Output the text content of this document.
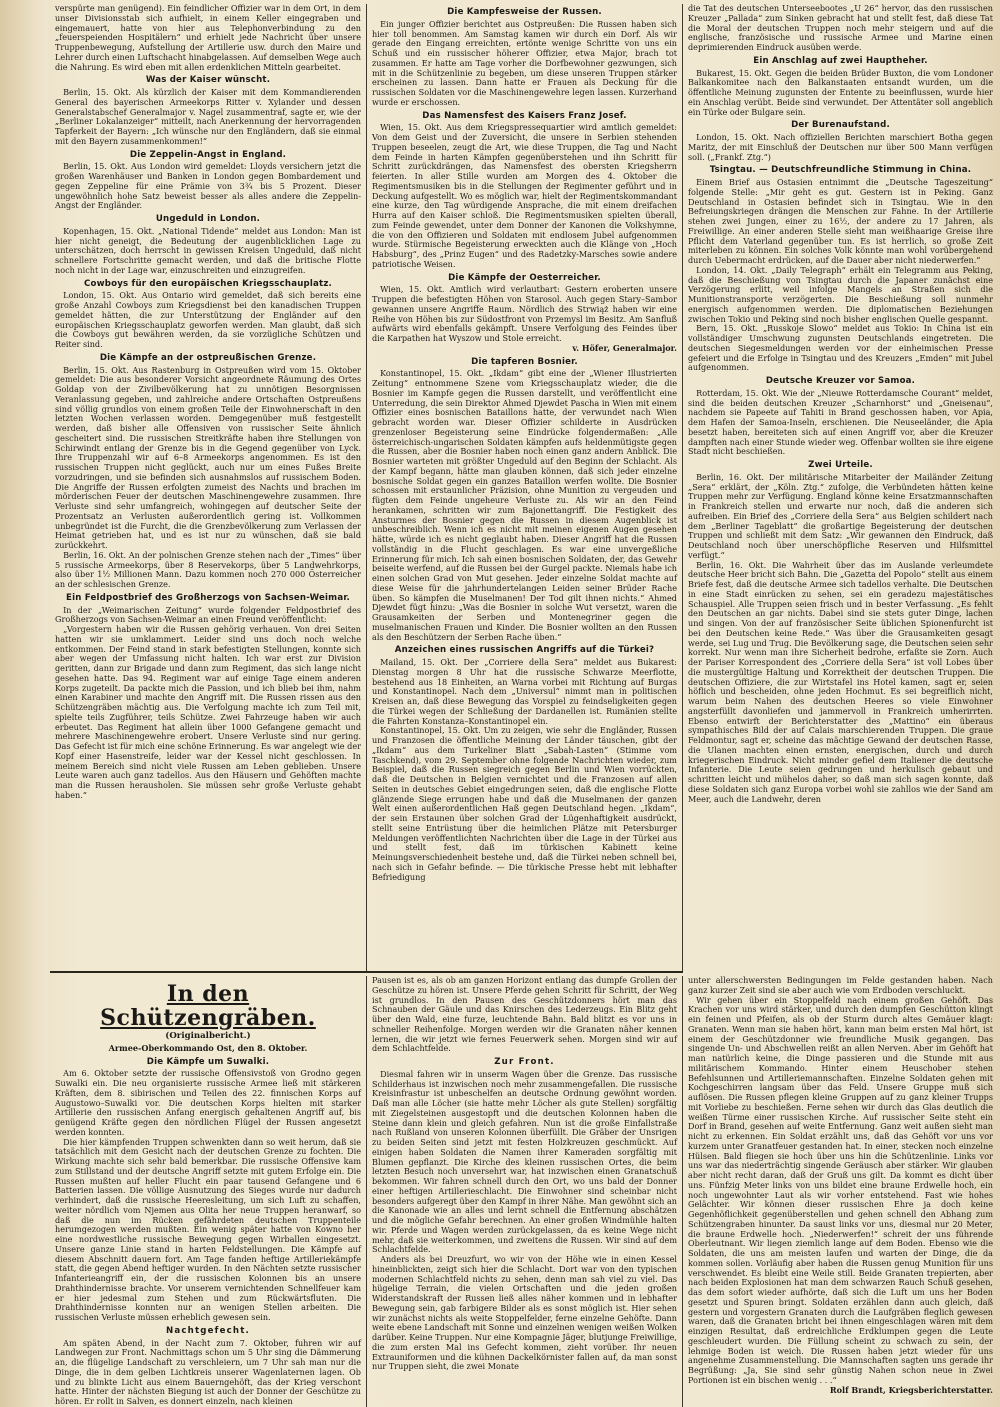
verspürte man genügend). Ein feindlicher Offizier war in dem Ort, in dem unser Divisionsstab sich aufhielt, in einem Keller eingegraben und eingemauert, hatte von hier aus Telephonverbindung zu den „feuerspeienden Hospitälern“ und erhielt jede Nachricht über unsere Truppenbewegung, Aufstellung der Artillerie usw. durch den Maire und Lehrer durch einen Luftschacht hinabgelassen. Auf demselben Wege auch die Nahrung. Es wird eben mit allen erdenklichen Mitteln gearbeitet.

Was der Kaiser wünscht.

Berlin, 15. Okt. Als kürzlich der Kaiser mit dem Kommandierenden General des bayerischen Armeekorps Ritter v. Xylander und dessen Generalstabschef Generalmajor v. Nagel zusammentraf, sagte er, wie der „Berliner Lokalanzeiger“ mitteilt, nach Anerkennung der hervorragenden Tapferkeit der Bayern: „Ich wünsche nur den Engländern, daß sie einmal mit den Bayern zusammenkommen!“

Die Zeppelin-Angst in England.

Berlin, 15. Okt. Aus London wird gemeldet: Lloyds versichern jetzt die großen Warenhäuser und Banken in London gegen Bombardement und gegen Zeppeline für eine Prämie von 3¾ bis 5 Prozent. Dieser ungewöhnlich hohe Satz beweist besser als alles andere die Zeppelin-Angst der Engländer.

Ungeduld in London.

Kopenhagen, 15. Okt. „National Tidende“ meldet aus London: Man ist hier nicht geneigt, die Bedeutung der augenblicklichen Lage zu unterschätzen, doch herrscht in gewissen Kreisen Ungeduld, daß nicht schnellere Fortschritte gemacht werden, und daß die britische Flotte noch nicht in der Lage war, einzuschreiten und einzugreifen.

Cowboys für den europäischen Kriegsschauplatz.

London, 15. Okt. Aus Ontario wird gemeldet, daß sich bereits eine große Anzahl Cowboys zum Kriegsdienst bei den kanadischen Truppen gemeldet hätten, die zur Unterstützung der Engländer auf den europäischen Kriegsschauplatz geworfen werden. Man glaubt, daß sich die Cowboys gut bewähren werden, da sie vorzügliche Schützen und Reiter sind.

Die Kämpfe an der ostpreußischen Grenze.

Berlin, 15. Okt. Aus Rastenburg in Ostpreußen wird vom 15. Oktober gemeldet: Die aus besonderer Vorsicht angeordnete Räumung des Ortes Goldap von der Zivilbevölkerung hat zu unnötigen Besorgnissen Veranlassung gegeben, und zahlreiche andere Ortschaften Ostpreußens sind völlig grundlos von einem großen Teile der Einwohnerschaft in den letzten Wochen verlassen worden. Demgegenüber muß festgestellt werden, daß bisher alle Offensiven von russischer Seite ähnlich gescheitert sind. Die russischen Streitkräfte haben ihre Stellungen von Schirwindt entlang der Grenze bis in die Gegend gegenüber von Lyck. Ihre Truppenzahl wir auf 6–8 Armeekorps angenommen. Es ist den russischen Truppen nicht geglückt, auch nur um eines Fußes Breite vorzudringen, und sie befinden sich ausnahmslos auf russischem Boden. Die Angriffe der Russen erfolgten zumeist des Nachts und brachen im mörderischen Feuer der deutschen Maschinengewehre zusammen. Ihre Verluste sind sehr umfangreich, wohingegen auf deutscher Seite der Prozentsatz an Verlusten außerordentlich gering ist. Vollkommen unbegründet ist die Furcht, die die Grenzbevölkerung zum Verlassen der Heimat getrieben hat, und es ist nur zu wünschen, daß sie bald zurückkehrt.

Berlin, 16. Okt. An der polnischen Grenze stehen nach der „Times“ über 5 russische Armeekorps, über 8 Reservekorps, über 5 Landwehrkorps, also über 1½ Millionen Mann. Dazu kommen noch 270 000 Österreicher an der schlesischen Grenze.

Ein Feldpostbrief des Großherzogs von Sachsen-Weimar.

In der „Weimarischen Zeitung“ wurde folgender Feldpostbrief des Großherzogs von Sachsen-Weimar an einen Freund veröffentlicht:

„Vorgestern haben wir die Russen gehörig verhauen. Von drei Seiten hatten wir sie umklammert. Leider sind uns doch noch welche entkommen. Der Feind stand in stark befestigten Stellungen, konnte sich aber wegen der Umfassung nicht halten. Ich war erst zur Division geritten, dann zur Brigade und dann zum Regiment, das sich lange nicht gesehen hatte. Das 94. Regiment war auf einige Tage einem anderen Korps zugeteilt. Da packte mich die Passion, und ich blieb bei ihm, nahm einen Karabiner und machte den Angriff mit. Die Russen rissen aus den Schützengräben mächtig aus. Die Verfolgung machte ich zum Teil mit, spielte teils Zugführer, teils Schütze. Zwei Fahrzeuge haben wir auch erbeutet. Das Regiment hat allein über 1000 Gefangene gemacht und mehrere Maschinengewehre erobert. Unsere Verluste sind nur gering. Das Gefecht ist für mich eine schöne Erinnerung. Es war angelegt wie der Kopf einer Hasenstreife, leider war der Kessel nicht geschlossen. In meinem Bereich sind nicht viele Russen am Leben geblieben. Unsere Leute waren auch ganz tadellos. Aus den Häusern und Gehöften machte man die Russen herausholen. Sie müssen sehr große Verluste gehabt haben.“

Die Kampfesweise der Russen.

Ein junger Offizier berichtet aus Ostpreußen: Die Russen haben sich hier toll benommen. Am Samstag kamen wir durch ein Dorf. Als wir gerade den Eingang erreichten, ertönte wenige Schritte von uns ein Schuß und ein russischer höherer Offizier, etwa Major, brach tot zusammen. Er hatte am Tage vorher die Dorfbewohner gezwungen, sich mit in die Schützenlinie zu begeben, um diese unseren Truppen stärker erscheinen zu lassen. Dann hatte er Frauen als Deckung für die russischen Soldaten vor die Maschinengewehre legen lassen. Kurzerhand wurde er erschossen.

Das Namensfest des Kaisers Franz Josef.

Wien, 15. Okt. Aus dem Kriegspressequartier wird amtlich gemeldet: Von dem Geist und der Zuversicht, die unsere in Serbien stehenden Truppen beseelen, zeugt die Art, wie diese Truppen, die Tag und Nacht dem Feinde in harten Kämpfen gegenüberstehen und ihn Schritt für Schritt zurückdrängen, das Namensfest des obersten Kriegsherrn feierten. In aller Stille wurden am Morgen des 4. Oktober die Regimentsmusiken bis in die Stellungen der Regimenter geführt und in Deckung aufgestellt. Wo es möglich war, hielt der Regimentskommandant eine kurze, den Tag würdigende Ansprache, die mit einem dreifachen Hurra auf den Kaiser schloß. Die Regimentsmusiken spielten überall, zum Feinde gewendet, unter dem Donner der Kanonen die Volkshymne, die von den Offizieren und Soldaten mit endlosem Jubel aufgenommen wurde. Stürmische Begeisterung erweckten auch die Klänge von „Hoch Habsburg“, des „Prinz Eugen“ und des Radetzky-Marsches sowie andere patriotische Weisen.

Die Kämpfe der Oesterreicher.

Wien, 15. Okt. Amtlich wird verlautbart: Gestern eroberten unsere Truppen die befestigten Höhen von Starosol. Auch gegen Stary–Sambor gewannen unsere Angriffe Raum. Nördlich des Strwiąż haben wir eine Reihe von Höhen bis zur Südostfront von Przemysl im Besitz. Am Sanfluß aufwärts wird ebenfalls gekämpft. Unsere Verfolgung des Feindes über die Karpathen hat Wyszow und Stole erreicht.

v. Höfer, Generalmajor.

Die tapferen Bosnier.

Konstantinopel, 15. Okt. „Ikdam“ gibt eine der „Wiener Illustrierten Zeitung“ entnommene Szene vom Kriegsschauplatz wieder, die die Bosnier im Kampfe gegen die Russen darstellt, und veröffentlicht eine Unterredung, die sein Direktor Ahmed Djewdet Pascha in Wien mit einem Offizier eines bosnischen Bataillons hatte, der verwundet nach Wien gebracht worden war. Dieser Offizier schilderte in Ausdrücken grenzenloser Begeisterung seine Eindrücke folgendermaßen: „Alle österreichisch-ungarischen Soldaten kämpfen aufs heldenmütigste gegen die Russen, aber die Bosnier haben noch einen ganz andern Anblick. Die Bosnier warteten mit größter Ungeduld auf den Beginn der Schlacht. Als der Kampf begann, hätte man glauben können, daß sich jeder einzelne bosnische Soldat gegen ein ganzes Bataillon werfen wollte. Die Bosnier schossen mit erstaunlicher Präzision, ohne Munition zu vergeuden und fügten dem Feinde ungeheure Verluste zu. Als wir an den Feind herankamen, schritten wir zum Bajonettangriff. Die Festigkeit des Ansturmes der Bosnier gegen die Russen in diesem Augenblick ist unbeschreiblich. Wenn ich es nicht mit meinen eigenen Augen gesehen hätte, würde ich es nicht geglaubt haben. Dieser Angriff hat die Russen vollständig in die Flucht geschlagen. Es war eine unvergeßliche Erinnerung für mich. Ich sah einen bosnischen Soldaten, der, das Gewehr beiseite werfend, auf die Russen bei der Gurgel packte. Niemals habe ich einen solchen Grad von Mut gesehen. Jeder einzelne Soldat machte auf diese Weise für die jahrhundertelangen Leiden seiner Brüder Rache üben. So kämpfen die Muselmanen! Der Tod gilt ihnen nichts.“ Ahmed Djewdet fügt hinzu: „Was die Bosnier in solche Wut versetzt, waren die Grausamkeiten der Serben und Montenegriner gegen die muselmanischen Frauen und Kinder. Die Bosnier wollten an den Russen als den Beschützern der Serben Rache üben.“

Anzeichen eines russischen Angriffs auf die Türkei?

Mailand, 15. Okt. Der „Corriere della Sera“ meldet aus Bukarest: Dienstag morgen 8 Uhr hat die russische Schwarze Meerflotte, bestehend aus 18 Einheiten, an Warna vorbei mit Richtung auf Burgas und Konstantinopel. Nach dem „Universul“ nimmt man in politischen Kreisen an, daß diese Bewegung das Vorspiel zu feindseligkeiten gegen die Türkei wegen der Schließung der Dardanellen ist. Rumänien stellte die Fahrten Konstanza–Konstantinopel ein.

Konstantinopel, 15. Okt. Um zu zeigen, wie sehr die Engländer, Russen und Franzosen die öffentliche Meinung der Länder täuschen, gibt der „Ikdam“ aus dem Turkeliner Blatt „Sabah-Lasten“ (Stimme vom Taschkend), vom 29. September ohne folgende Nachrichten wieder, zum Beispiel, daß die Russen siegreich gegen Berlin und Wien vorrückten, daß die Deutschen in Belgien vernichtet und die Franzosen auf allen Seiten in deutsches Gebiet eingedrungen seien, daß die englische Flotte glänzende Siege errungen habe und daß die Muselmanen der ganzen Welt einen außerordentlichen Haß gegen Deutschland hegen. „Ikdam“, der sein Erstaunen über solchen Grad der Lügenhaftigkeit ausdrückt, stellt seine Entrüstung über die heimlichen Plätze mit Petersburger Meldungen veröffentlichten Nachrichten über die Lage in der Türkei aus und stellt fest, daß im türkischen Kabinett keine Meinungsverschiedenheit bestehe und, daß die Türkei neben schnell bei, nach sich in Gefahr befinde. — Die türkische Presse hebt mit lebhafter Befriedigung

die Tat des deutschen Unterseebootes „U 26“ hervor, das den russischen Kreuzer „Pallada“ zum Sinken gebracht hat und stellt fest, daß diese Tat die Moral der deutschen Truppen noch mehr steigern und auf die englische, französische und russische Armee und Marine einen deprimierenden Eindruck ausüben werde.

Ein Anschlag auf zwei Hauptheher.

Bukarest, 15. Okt. Gegen die beiden Brüder Buxton, die vom Londoner Balkankomitee nach den Balkanstaaten entsandt wurden, um die öffentliche Meinung zugunsten der Entente zu beeinflussen, wurde hier ein Anschlag verübt. Beide sind verwundet. Der Attentäter soll angeblich ein Türke oder Bulgare sein.

Der Burenaufstand.

London, 15. Okt. Nach offiziellen Berichten marschiert Botha gegen Maritz, der mit Einschluß der Deutschen nur über 500 Mann verfügen soll. („Frankf. Ztg.“)

Tsingtau. — Deutschfreundliche Stimmung in China.

Einem Brief aus Ostasien entnimmt die „Deutsche Tageszeitung“ folgende Stelle: „Mir geht es gut. Gestern ist in Peking. Ganz Deutschland in Ostasien befindet sich in Tsingtau. Wie in den Befreiungskriegen drängen die Menschen zur Fahne. In der Artillerie stehen zwei Jungen, einer zu 16½, der andere zu 17 Jahren, als Freiwillige. An einer anderen Stelle sieht man weißhaarige Greise ihre Pflicht dem Vaterland gegenüber tun. Es ist herrlich, so große Zeit miterleben zu können. Ein solches Volk könnte man wohl vorübergehend durch Uebermacht erdrücken, auf die Dauer aber nicht niederwerfen.“

London, 14. Okt. „Daily Telegraph“ erhält ein Telegramm aus Peking, daß die Beschießung von Tsingtau durch die Japaner zunächst eine Verzögerung erlitt, weil infolge Mangels an Straßen sich die Munitionstransporte verzögerten. Die Beschießung soll nunmehr energisch aufgenommen werden. Die diplomatischen Beziehungen zwischen Tokio und Peking sind noch bisher englischen Quelle gespannt.

Bern, 15. Okt. „Russkoje Slowo“ meldet aus Tokio: In China ist ein vollständiger Umschwung zugunsten Deutschlands eingetreten. Die deutschen Siegesmeldungen werden vor der einheimischen Presse gefeiert und die Erfolge in Tsingtau und des Kreuzers „Emden“ mit Jubel aufgenommen.

Deutsche Kreuzer vor Samoa.

Rotterdam, 15. Okt. Wie der „Nieuwe Rotterdamsche Courant“ meldet, sind die beiden deutschen Kreuzer „Scharnhorst“ und „Gneisenau“, nachdem sie Papeete auf Tahiti in Brand geschossen haben, vor Apia, dem Hafen der Samoa-Inseln, erschienen. Die Neuseeländer, die Apia besetzt haben, bereiteten sich auf einen Angriff vor, aber die Kreuzer dampften nach einer Stunde wieder weg. Offenbar wollten sie ihre eigene Stadt nicht beschießen.

Zwei Urteile.

Berlin, 16. Okt. Der militärische Mitarbeiter der Mailänder Zeitung „Sera“ erklärt, der „Köln. Ztg.“ zufolge, die Verbündeten hätten keine Truppen mehr zur Verfügung. England könne keine Ersatzmannschaften in Frankreich stellen und erwarte nur noch, daß die anderen sich aufreiben. Ein Brief des „Corriere della Sera“ aus Belgien schildert nach dem „Berliner Tageblatt“ die großartige Begeisterung der deutschen Truppen und schließt mit dem Satz: „Wir gewannen den Eindruck, daß Deutschland noch über unerschöpfliche Reserven und Hilfsmittel verfügt.“

Berlin, 16. Okt. Die Wahrheit über das im Auslande verleumdete deutsche Heer bricht sich Bahn. Die „Gazetta del Popolo“ stellt aus einem Briefe fest, daß die deutsche Armee sich tadellos verhalte. Die Deutschen in eine Stadt einrücken zu sehen, sei ein geradezu majestätisches Schauspiel. Alle Truppen seien frisch und in bester Verfassung. „Es fehlt den Deutschen an gar nichts. Dabei sind sie stets guter Dinge, lachen und singen. Von der auf französischer Seite üblichen Spionenfurcht ist bei den Deutschen keine Rede.“ Was über die Grausamkeiten gesagt werde, sei Lug und Trug. Die Bevölkerung sage, die Deutschen seien sehr korrekt. Nur wenn man ihre Sicherheit bedrohe, erfaßte sie Zorn. Auch der Pariser Korrespondent des „Corriere della Sera“ ist voll Lobes über die mustergültige Haltung und Korrektheit der deutschen Truppen. Die deutschen Offiziere, die zur Wirtstafel ins Hotel kamen, sagt er, seien höflich und bescheiden, ohne jeden Hochmut. Es sei begreiflich nicht, warum beim Nahen des deutschen Heeres so viele Einwohner angsterfüllt davonliefen und jammervoll in Frankreich umherirrten. Ebenso entwirft der Berichterstatter des „Mattino“ ein überaus sympathisches Bild der auf Calais marschierenden Truppen. Die graue Feldmontur, sagt er, scheine das mächtige Gewand der deutschen Rasse, die Ulanen machten einen ernsten, energischen, durch und durch kriegerischen Eindruck. Nicht minder gefiel dem Italiener die deutsche Infanterie. Die Leute seien gedrungen und herkulisch gebaut und schritten leicht und mühelos daher, so daß man sich sagen konnte, daß diese Soldaten sich ganz Europa vorbei wohl sie zahllos wie der Sand am Meer, auch die Landwehr, deren

In den Schützengräben.
(Originalbericht.)
Armee-Oberkommando Ost, den 8. Oktober.
Die Kämpfe um Suwalki.

Am 6. Oktober setzte der russische Offensivstoß von Grodno gegen Suwalki ein. Die neu organisierte russische Armee ließ mit stärkeren Kräften, dem 8. sibirischen und Teilen des 22. finnischen Korps auf Augustowo–Suwalki vor. Die deutschen Korps hielten mit starker Artillerie den russischen Anfang energisch gehaltenen Angriff auf, bis genügend Kräfte gegen den nördlichen Flügel der Russen angesetzt werden konnten.

Die hier kämpfenden Truppen schwenkten dann so weit herum, daß sie tatsächlich mit dem Gesicht nach der deutschen Grenze zu fochten. Die Wirkung machte sich sehr bald bemerkbar. Die russische Offensive kam zum Stillstand und der deutsche Angriff setzte mit gutem Erfolge ein. Die Russen mußten auf heller Flucht ein paar tausend Gefangene und 6 Batterien lassen. Die völlige Ausnutzung des Sieges wurde nur dadurch verhindert, daß die russische Heeresleitung, um sich Luft zu schaffen, weiter nördlich vom Njemen aus Olita her neue Truppen heranwarf, so daß die nun im Rücken gefährdeten deutschen Truppenteile herumgezogen werden mußten. Ein wenig später hatte von Kowno her eine nordwestliche russische Bewegung gegen Wirballen eingesetzt. Unsere ganze Linie stand in harten Feldstellungen. Die Kämpfe auf diesem Abschnitt dauern fort. Am Tage fanden heftige Artilleriekämpfe statt, die gegen Abend heftiger wurden. In den Nächten setzte russischer Infanterieangriff ein, der die russischen Kolonnen bis an unsere Drahthindernisse brachte. Vor unserem vernichtenden Schnellfeuer kam er hier jedesmal zum Stehen und zum Rückwärtsfluten. Die Drahthindernisse konnten nur an wenigen Stellen arbeiten. Die russischen Verluste müssen erheblich gewesen sein.

Nachtgefecht.

Am späten Abend, in der Nacht zum 7. Oktober, fuhren wir auf Landwegen zur Front. Nachmittags schon um 5 Uhr sing die Dämmerung an, die flügelige Landschaft zu verschleiern, um 7 Uhr sah man nur die Dinge, die in dem gelben Lichtkreis unserer Wagenlaternen lagen. Ob und zu blinkte Licht aus einem Bauerngehöft, das der Krieg verschont hatte. Hinter der nächsten Biegung ist auch der Donner der Geschütze zu hören. Er rollt in Salven, es donnert einzeln, nach kleinen

Pausen ist es, als ob am ganzen Horizont entlang das dumpfe Grollen der Geschütze zu hören ist. Unsere Pferde gehen Schritt für Schritt, der Weg ist grundlos. In den Pausen des Geschützdonners hört man das Schnauben der Gäule und das Knirschen des Lederzeugs. Ein Blitz geht über den Wald, eine furze, leuchtende Bahn. Bald blitzt es vor uns in schneller Reihenfolge. Morgen werden wir die Granaten näher kennen lernen, die wir jetzt wie fernes Feuerwerk sehen. Morgen sind wir auf dem Schlachtfelde.

Zur Front.

Diesmal fahren wir in unserm Wagen über die Grenze. Das russische Schilderhaus ist inzwischen noch mehr zusammengefallen. Die russische Kreisinfrastur ist unbeschelfen an deutsche Ordnung gewöhnt worden. Daß man alle Löcher (sie hatte mehr Löcher als gute Stellen) sorgfältig mit Ziegelsteinen ausgestopft und die deutschen Kolonnen haben die Steine dann klein und gleich gefahren. Nun ist die große Einfallstraße nach Rußland von unseren Kolonnen überfüllt. Die Gräber der Unsrigen zu beiden Seiten sind jetzt mit festen Holzkreuzen geschmückt. Auf einigen haben Soldaten die Namen ihrer Kameraden sorgfältig mit Blumen gepflanzt. Die Kirche des kleinen russischen Ortes, die beim letzten Besuch noch unversehrt war, hat inzwischen einen Granatschuß bekommen. Wir fahren schnell durch den Ort, wo uns bald der Donner einer heftigen Artillerieschlacht. Die Einwohner sind scheinbar nicht besonders aufgeregt über den Kampf in ihrer Nähe. Man gewöhnt sich an die Kanonade wie an alles und lernt schnell die Entfernung abschätzen und die mögliche Gefahr berechnen. An einer großen Windmühle halten wir. Pferde und Wagen werden zurückgelassen, da es keine Wege nicht mehr, daß sie weiterkommen, und zweitens die Russen. Wir sind auf dem Schlachtfelde.

Anders als bei Dreuzfurt, wo wir von der Höhe wie in einen Kessel hineinblickten, zeigt sich hier die Schlacht. Dort war von den typischen modernen Schlachtfeld nichts zu sehen, denn man sah viel zu viel. Das hügelige Terrain, die vielen Ortschaften und die jeden großen Widerstandskraft der Russen ließ alles näher kommen und in lebhafter Bewegung sein, gab farbigere Bilder als es sonst möglich ist. Hier sehen wir zunächst nichts als weite Stoppelfelder, ferne einzelne Gehöfte. Dann weite ebene Landschaft mit Sonne und einzelnen wenigen weißen Wolken darüber. Keine Truppen. Nur eine Kompagnie Jäger, blutjunge Freiwillige, die zum ersten Mal ins Gefecht kommen, zieht vorüber. Ihr neuen Extrauniformen und die kühnen Dackelkörnister fallen auf, da man sonst nur Truppen sieht, die zwei Monate

unter allerschwersten Bedingungen im Felde gestanden haben. Nach ganz kurzer Zeit sind sie aber auch wie vom Erdboden verschluckt.

Wir gehen über ein Stoppelfeld nach einem großen Gehöft. Das Krachen vor uns wird stärker, und durch den dumpfen Geschütton klingt ein feinen und Pfeifen, als ob der Sturm durch altes Gemäuer klagt: Granaten. Wenn man sie haben hört, kann man beim ersten Mal hört, ist einem der Geschützdonner wie freundliche Musik gegangen. Das singende Un- und Abschwellen reißt an allen Nerven. Aber im Gehöft hat man natürlich keine, die Dinge passieren und die Stunde mit aus militärischem Kommando. Hinter einem Heuschober stehen Befehlsunnen und Artilleriemannschaften. Einzelne Soldaten gehen mit Kochgeschirren langsam über das Feld. Unsere Gruppe muß sich auflösen. Die Russen pflegen kleine Gruppen auf zu ganz kleiner Trupps mit Vorliebe zu beschießen. Ferne sehen wir durch das Glas deutlich die weißen Türme einer russischen Kirche. Auf russischer Seite steht ein Dorf in Brand, gesehen auf weite Entfernung. Ganz weit außen sieht man nicht zu erkennen. Ein Soldat erzählt uns, daß das Gehöft vor uns vor kurzem unter Granatfeuer gestanden hat. In einer, stecken noch einzelne Hülsen. Bald fliegen sie hoch über uns hin die Schützenlinie. Links vor uns war das niederträchtig singende Geräusch aber stärker. Wir glauben aber nicht recht daran, daß der Gruß uns gilt. Da kommt es dicht über uns. Fünfzig Meter links von uns bildet eine braune Erdwelle hoch, ein noch ungewohnter Laut als wir vorher entstehend. Fast wie hohes Gelächter. Wir können dieser russischen Ehre ja doch keine Gegenhöflichkeit gegenüberstellen und gehen schnell den Abhang zum Schützengraben hinunter. Da saust links vor uns, diesmal nur 20 Meter, die braune Erdwelle hoch. „Niederwerfen!“ schreit der uns führende Oberleutnant. Wir liegen ziemlich lange auf dem Boden. Ebenso wie die Soldaten, die uns am meisten laufen und warten der Dinge, die da kommen sollen. Vorläufig aber haben die Russen genug Munition für uns verschwendet. Es bleibt eine Weile still. Beide Granaten trepierten, aber nach beiden Explosionen hat man dem schwarzen Rauch Schuß gesehen, das dem sofort wieder aufhörte, daß sich die Luft um uns her Boden gesetzt und Spuren bringt. Soldaten erzählen dann auch gleich, daß gestern und vorgestern Granaten durch die Laufgräben fleglich gewesen waren, daß die Granaten bricht bei ihnen eingeschlagen wären mit dem einzigen Resultat, daß erdreichliche Erdklumpen gegen die Leute geschleudert wurden. Die Füllung scheint zu schwach zu sein, der lehmige Boden ist weich. Die Russen haben jetzt wieder für uns angenehme Zusammenstellung. Die Mannschaften sagten uns gerade ihr Begrüßung: „Ja, Sie sind sehr günstig Nahen schon neue in Zwei Portionen ist ein bischen wenig . . .“

Rolf Brandt, Kriegsberichterstatter.
